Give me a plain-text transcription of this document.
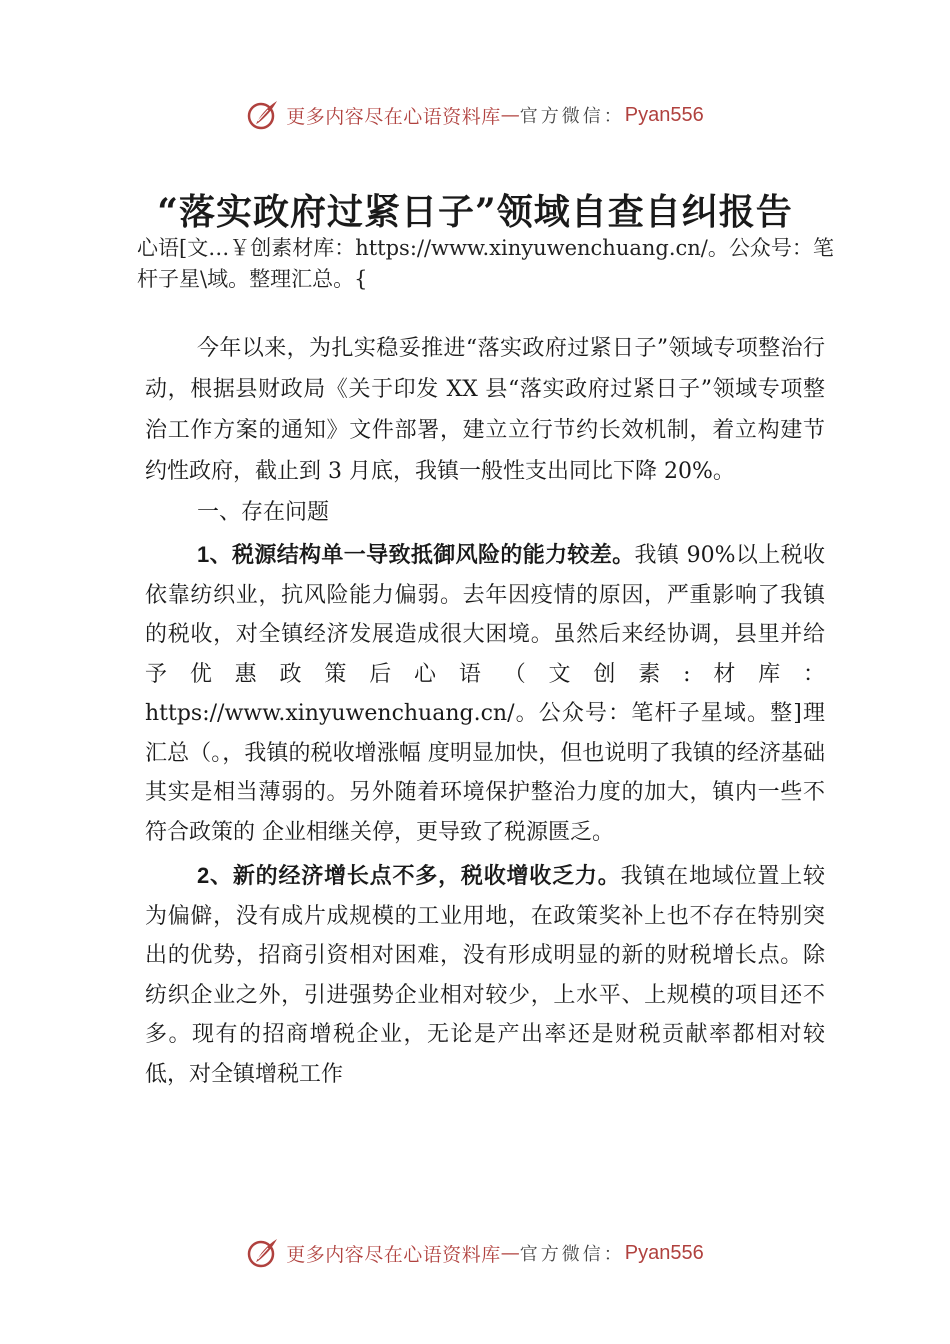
更多内容尽在心语资料库 — 官方微信： Pyan556
“落实政府过紧日子”领域自查自纠报告

心语[文…￥创素材库：https://www.xinyuwenchuang.cn/。公众号：笔杆子星\域。整理汇总。{

今年以来，为扎实稳妥推进“落实政府过紧日子”领域专项整治行动，根据县财政局《关于印发 XX 县“落实政府过紧日子”领域专项整治工作方案的通知》文件部署，建立立行节约长效机制，着立构建节约性政府，截止到 3 月底，我镇一般性支出同比下降 20%。

一、存在问题

1、税源结构单一导致抵御风险的能力较差。我镇 90%以上税收依靠纺织业，抗风险能力偏弱。去年因疫情的原因，严重影响了我镇的税收，对全镇经济发展造成很大困境。虽然后来经协调，县里并给予优惠政策后心语（文创素:材库：https://www.xinyuwenchuang.cn/。公众号：笔杆子星域。整]理汇总（。，我镇的税收增涨幅 度明显加快，但也说明了我镇的经济基础其实是相当薄弱的。另外随着环境保护整治力度的加大，镇内一些不符合政策的 企业相继关停，更导致了税源匮乏。

2、新的经济增长点不多，税收增收乏力。我镇在地域位置上较为偏僻，没有成片成规模的工业用地，在政策奖补上也不存在特别突出的优势，招商引资相对困难，没有形成明显的新的财税增长点。除纺织企业之外，引进强势企业相对较少，上水平、上规模的项目还不多。现有的招商增税企业，无论是产出率还是财税贡献率都相对较低，对全镇增税工作

更多内容尽在心语资料库 — 官方微信： Pyan556
